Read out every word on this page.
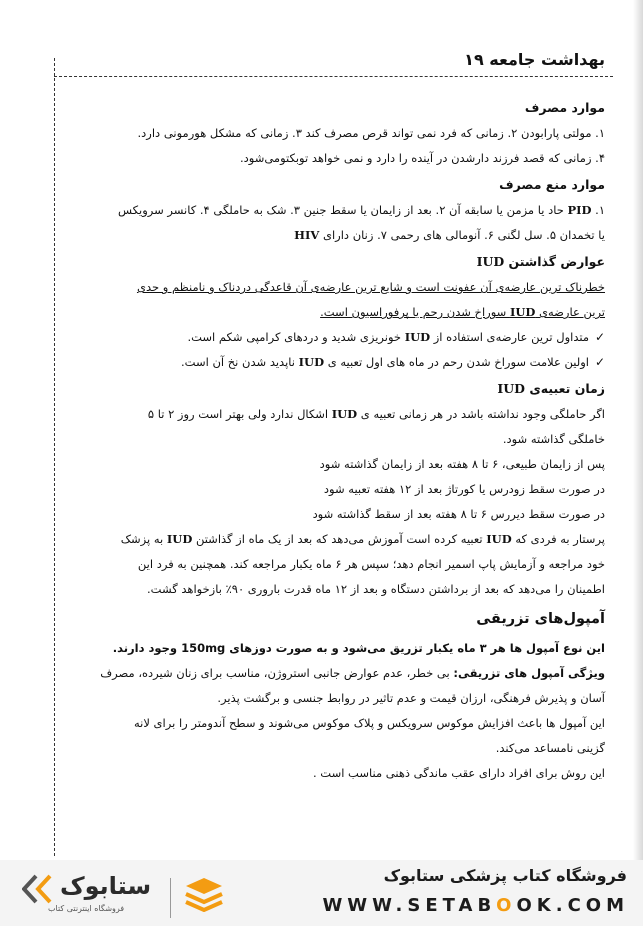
بهداشت جامعه ۱۹
موارد مصرف

۱. مولتی پارابودن ۲. زمانی که فرد نمی تواند قرص مصرف کند ۳. زمانی که مشکل هورمونی دارد.

۴. زمانی که قصد فرزند دارشدن در آینده را دارد و نمی خواهد توبکتومی‌شود.

موارد منع مصرف

۱. PID حاد یا مزمن یا سابقه آن ۲. بعد از زایمان یا سقط جنین ۳. شک به حاملگی ۴. کانسر سرویکس

یا تخمدان ۵. سل لگنی ۶. آنومالی های رحمی ۷. زنان دارای HIV

عوارض گذاشتن IUD

خطرناک ترین عارضه‌ی آن عفونت است و شایع ترین عارضه‌ی آن قاعدگی دردناک و نامنظم و حدی

ترین عارضه‌ی IUD سوراخ شدن رحم یا پرفوراسیون است.

✓متداول ترین عارضه‌ی استفاده از IUD خونریزی شدید و دردهای کرامپی شکم است.

✓اولین علامت سوراخ شدن رحم در ماه های اول تعبیه ی IUD ناپدید شدن نخ آن است.

زمان تعبیه‌ی IUD

اگر حاملگی وجود نداشته باشد در هر زمانی تعبیه ی IUD اشکال ندارد ولی بهتر است روز ۲ تا ۵

خاملگی گذاشته شود.

پس از زایمان طبیعی، ۶ تا ۸ هفته بعد از زایمان گذاشته شود

در صورت سقط زودرس یا کورتاژ بعد از ۱۲ هفته تعبیه شود

در صورت سقط دیررس ۶ تا ۸ هفته بعد از سقط گذاشته شود

پرستار به فردی که IUD تعبیه کرده است آموزش می‌دهد که بعد از یک ماه از گذاشتن IUD به پزشک

خود مراجعه و آزمایش پاپ اسمیر انجام دهد؛ سپس هر ۶ ماه یکبار مراجعه کند. همچنین به فرد این

اطمینان را می‌دهد که بعد از برداشتن دستگاه و بعد از ۱۲ ماه قدرت باروری ۹۰٪ بازخواهد گشت.

آمپول‌های تزریقی

این نوع آمپول ها هر ۳ ماه یکبار تزریق می‌شود و به صورت دوزهای 150mg وجود دارند.

ویژگی آمپول های تزریقی: بی خطر، عدم عوارض جانبی استروژن، مناسب برای زنان شیرده، مصرف

آسان و پذیرش فرهنگی، ارزان قیمت و عدم تاثیر در روابط جنسی و برگشت پذیر.

این آمپول ها باعث افزایش موکوس سرویکس و پلاک موکوس می‌شوند و سطح آندومتر را برای لانه

گزینی نامساعد می‌کند.

این روش برای افراد دارای عقب ماندگی ذهنی مناسب است .

ستابوک
فروشگاه اینترنتی کتاب
فروشگاه کتاب پزشکی ستابوک
WWW.SETABOOK.COM
